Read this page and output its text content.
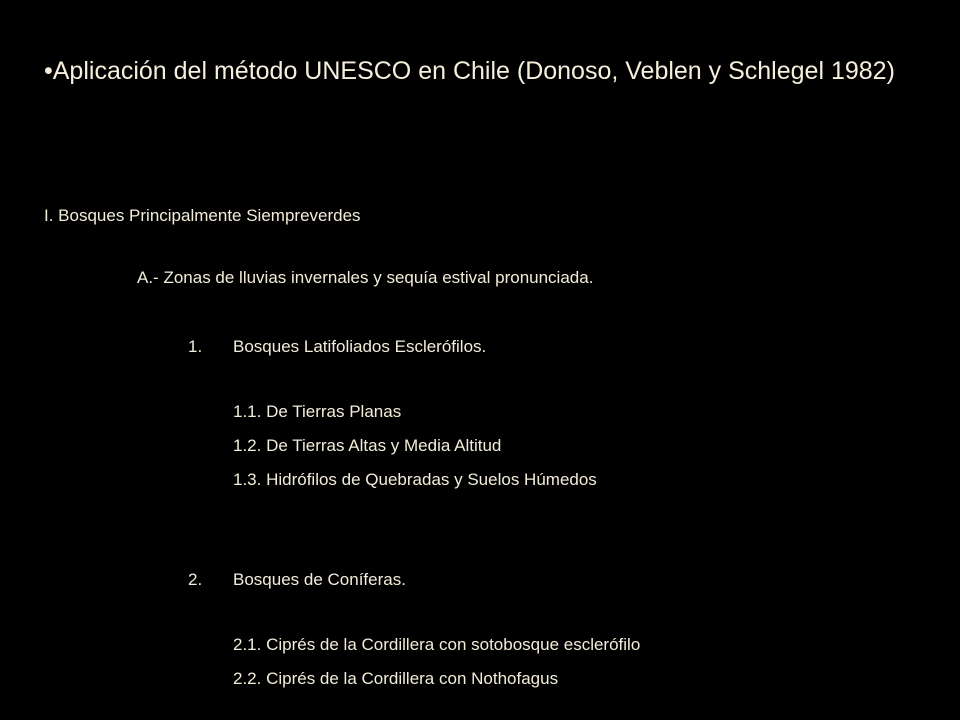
•Aplicación del método UNESCO en Chile (Donoso, Veblen y Schlegel 1982)
I. Bosques Principalmente Siempreverdes
A.- Zonas de lluvias invernales y sequía estival pronunciada.
1. Bosques Latifoliados Esclerófilos.
1.1. De Tierras Planas
1.2. De Tierras Altas y Media Altitud
1.3. Hidrófilos de Quebradas y Suelos Húmedos
2. Bosques de Coníferas.
2.1. Ciprés de la Cordillera con sotobosque esclerófilo
2.2. Ciprés de la Cordillera con Nothofagus
